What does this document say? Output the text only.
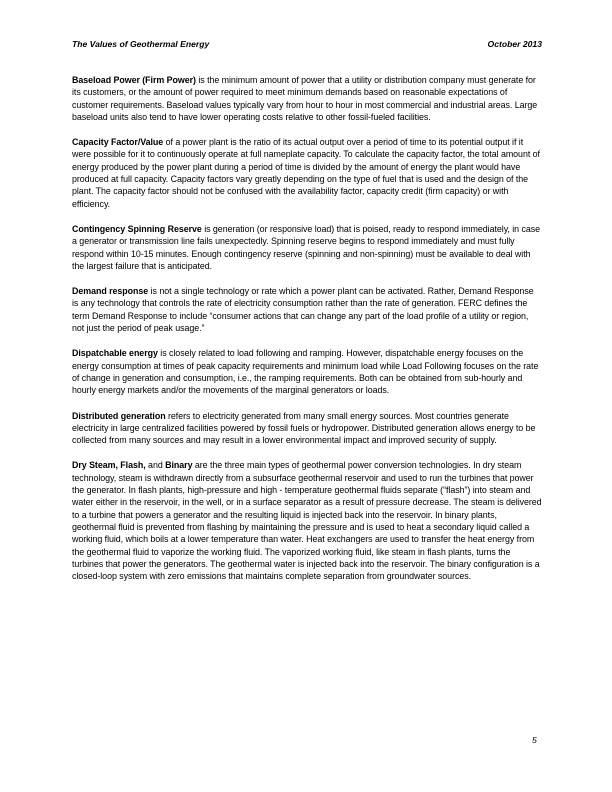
The Values of Geothermal Energy	October 2013

Baseload Power (Firm Power) is the minimum amount of power that a utility or distribution company must generate for its customers, or the amount of power required to meet minimum demands based on reasonable expectations of customer requirements. Baseload values typically vary from hour to hour in most commercial and industrial areas. Large baseload units also tend to have lower operating costs relative to other fossil-fueled facilities.

Capacity Factor/Value of a power plant is the ratio of its actual output over a period of time to its potential output if it were possible for it to continuously operate at full nameplate capacity. To calculate the capacity factor, the total amount of energy produced by the power plant during a period of time is divided by the amount of energy the plant would have produced at full capacity. Capacity factors vary greatly depending on the type of fuel that is used and the design of the plant. The capacity factor should not be confused with the availability factor, capacity credit (firm capacity) or with efficiency.

Contingency Spinning Reserve is generation (or responsive load) that is poised, ready to respond immediately, in case a generator or transmission line fails unexpectedly. Spinning reserve begins to respond immediately and must fully respond within 10-15 minutes. Enough contingency reserve (spinning and non-spinning) must be available to deal with the largest failure that is anticipated.

Demand response is not a single technology or rate which a power plant can be activated. Rather, Demand Response is any technology that controls the rate of electricity consumption rather than the rate of generation. FERC defines the term Demand Response to include “consumer actions that can change any part of the load profile of a utility or region, not just the period of peak usage.”

Dispatchable energy is closely related to load following and ramping. However, dispatchable energy focuses on the energy consumption at times of peak capacity requirements and minimum load while Load Following focuses on the rate of change in generation and consumption, i.e., the ramping requirements. Both can be obtained from sub-hourly and hourly energy markets and/or the movements of the marginal generators or loads.

Distributed generation refers to electricity generated from many small energy sources. Most countries generate electricity in large centralized facilities powered by fossil fuels or hydropower. Distributed generation allows energy to be collected from many sources and may result in a lower environmental impact and improved security of supply.

Dry Steam, Flash, and Binary are the three main types of geothermal power conversion technologies. In dry steam technology, steam is withdrawn directly from a subsurface geothermal reservoir and used to run the turbines that power the generator. In flash plants, high-pressure and high - temperature geothermal fluids separate (“flash”) into steam and water either in the reservoir, in the well, or in a surface separator as a result of pressure decrease. The steam is delivered to a turbine that powers a generator and the resulting liquid is injected back into the reservoir. In binary plants, geothermal fluid is prevented from flashing by maintaining the pressure and is used to heat a secondary liquid called a working fluid, which boils at a lower temperature than water. Heat exchangers are used to transfer the heat energy from the geothermal fluid to vaporize the working fluid. The vaporized working fluid, like steam in flash plants, turns the turbines that power the generators. The geothermal water is injected back into the reservoir. The binary configuration is a closed-loop system with zero emissions that maintains complete separation from groundwater sources.

5
